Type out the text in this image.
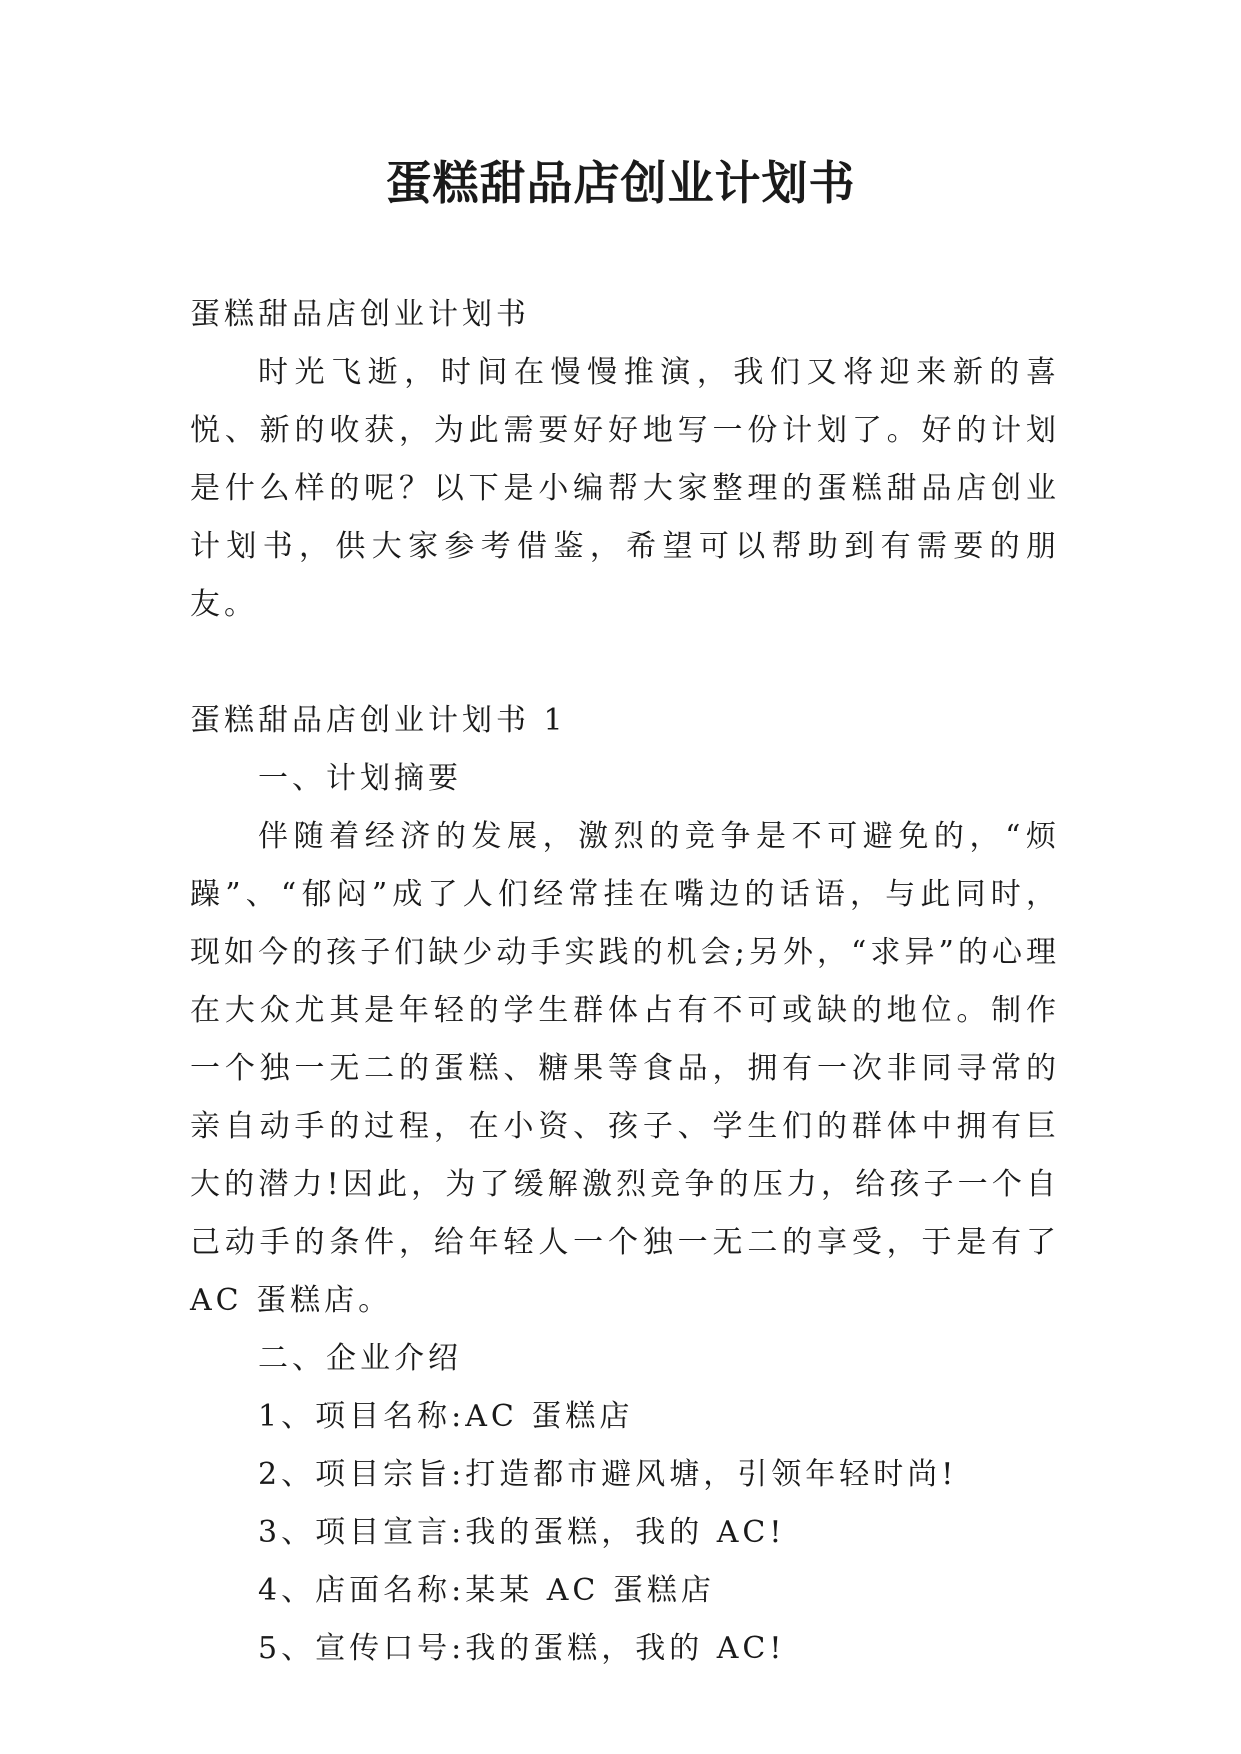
蛋糕甜品店创业计划书

蛋糕甜品店创业计划书

时光飞逝，时间在慢慢推演，我们又将迎来新的喜悦、新的收获，为此需要好好地写一份计划了。好的计划是什么样的呢？以下是小编帮大家整理的蛋糕甜品店创业计划书，供大家参考借鉴，希望可以帮助到有需要的朋友。

蛋糕甜品店创业计划书 1

一、计划摘要

伴随着经济的发展，激烈的竞争是不可避免的，“烦躁”、“郁闷”成了人们经常挂在嘴边的话语，与此同时，现如今的孩子们缺少动手实践的机会;另外，“求异”的心理在大众尤其是年轻的学生群体占有不可或缺的地位。制作一个独一无二的蛋糕、糖果等食品，拥有一次非同寻常的亲自动手的过程，在小资、孩子、学生们的群体中拥有巨大的潜力!因此，为了缓解激烈竞争的压力，给孩子一个自己动手的条件，给年轻人一个独一无二的享受，于是有了 AC 蛋糕店。

二、企业介绍

1、项目名称:AC 蛋糕店

2、项目宗旨:打造都市避风塘，引领年轻时尚!

3、项目宣言:我的蛋糕，我的 AC!

4、店面名称:某某 AC 蛋糕店

5、宣传口号:我的蛋糕，我的 AC!
